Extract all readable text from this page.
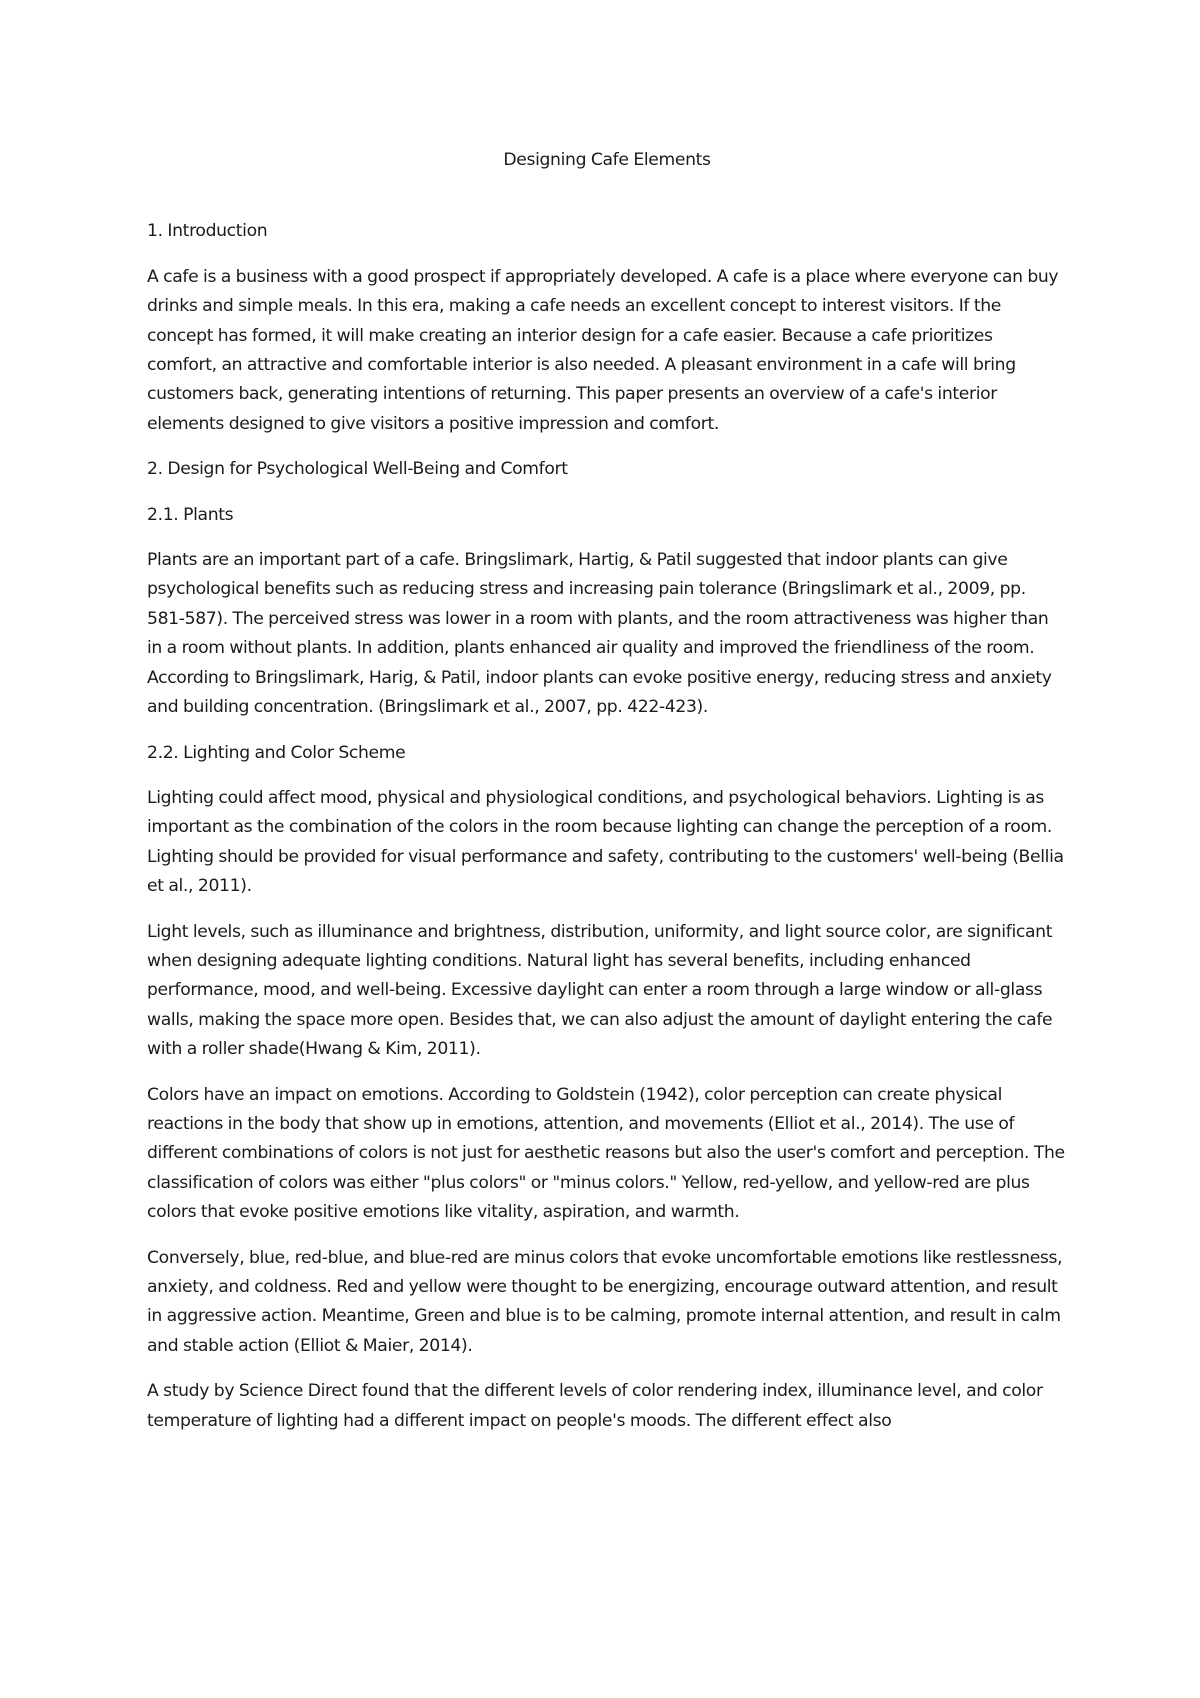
Designing Cafe Elements
1. Introduction
A cafe is a business with a good prospect if appropriately developed. A cafe is a place where everyone can buy drinks and simple meals. In this era, making a cafe needs an excellent concept to interest visitors. If the concept has formed, it will make creating an interior design for a cafe easier. Because a cafe prioritizes comfort, an attractive and comfortable interior is also needed. A pleasant environment in a cafe will bring customers back, generating intentions of returning. This paper presents an overview of a cafe's interior elements designed to give visitors a positive impression and comfort.
2. Design for Psychological Well-Being and Comfort
2.1. Plants
Plants are an important part of a cafe. Bringslimark, Hartig, & Patil suggested that indoor plants can give psychological benefits such as reducing stress and increasing pain tolerance (Bringslimark et al., 2009, pp. 581-587). The perceived stress was lower in a room with plants, and the room attractiveness was higher than in a room without plants. In addition, plants enhanced air quality and improved the friendliness of the room. According to Bringslimark, Harig, & Patil, indoor plants can evoke positive energy, reducing stress and anxiety and building concentration. (Bringslimark et al., 2007, pp. 422-423).
2.2. Lighting and Color Scheme
Lighting could affect mood, physical and physiological conditions, and psychological behaviors. Lighting is as important as the combination of the colors in the room because lighting can change the perception of a room. Lighting should be provided for visual performance and safety, contributing to the customers' well-being (Bellia et al., 2011).
Light levels, such as illuminance and brightness, distribution, uniformity, and light source color, are significant when designing adequate lighting conditions. Natural light has several benefits, including enhanced performance, mood, and well-being. Excessive daylight can enter a room through a large window or all-glass walls, making the space more open. Besides that, we can also adjust the amount of daylight entering the cafe with a roller shade(Hwang & Kim, 2011).
Colors have an impact on emotions. According to Goldstein (1942), color perception can create physical reactions in the body that show up in emotions, attention, and movements (Elliot et al., 2014). The use of different combinations of colors is not just for aesthetic reasons but also the user's comfort and perception. The classification of colors was either "plus colors" or "minus colors." Yellow, red-yellow, and yellow-red are plus colors that evoke positive emotions like vitality, aspiration, and warmth.
Conversely, blue, red-blue, and blue-red are minus colors that evoke uncomfortable emotions like restlessness, anxiety, and coldness. Red and yellow were thought to be energizing, encourage outward attention, and result in aggressive action. Meantime, Green and blue is to be calming, promote internal attention, and result in calm and stable action (Elliot & Maier, 2014).
A study by Science Direct found that the different levels of color rendering index, illuminance level, and color temperature of lighting had a different impact on people's moods. The different effect also
